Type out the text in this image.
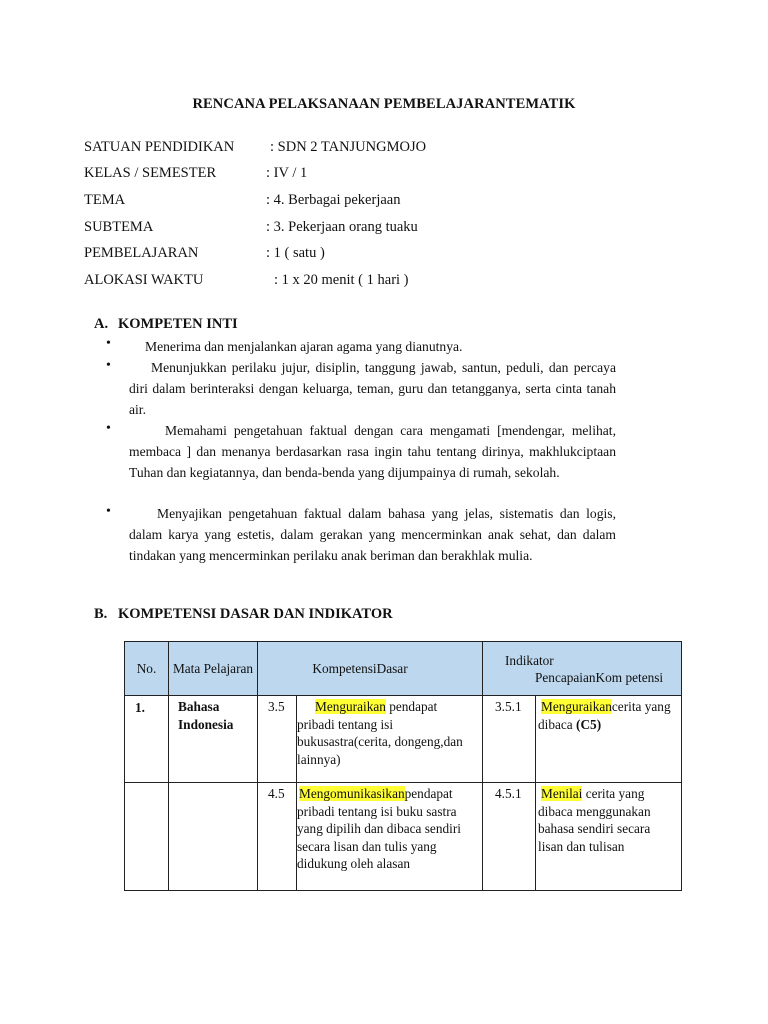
RENCANA PELAKSANAAN PEMBELAJARANTEMATIK
SATUAN PENDIDIKAN : SDN 2 TANJUNGMOJO
KELAS / SEMESTER	: IV / 1
TEMA	: 4. Berbagai pekerjaan
SUBTEMA	: 3. Pekerjaan orang tuaku
PEMBELAJARAN	: 1 ( satu )
ALOKASI WAKTU	: 1 x 20 menit ( 1 hari )
A. KOMPETEN INTI
•	Menerima dan menjalankan ajaran agama yang dianutnya.
•	Menunjukkan perilaku jujur, disiplin, tanggung jawab, santun, peduli, dan percaya diri dalam berinteraksi dengan keluarga, teman, guru dan tetangganya, serta cinta tanah air.
•	Memahami pengetahuan faktual dengan cara mengamati [mendengar, melihat, membaca ] dan menanya berdasarkan rasa ingin tahu tentang dirinya, makhlukciptaan Tuhan dan kegiatannya, dan benda-benda yang dijumpainya di rumah, sekolah.
•	Menyajikan pengetahuan faktual dalam bahasa yang jelas, sistematis dan logis, dalam karya yang estetis, dalam gerakan yang mencerminkan anak sehat, dan dalam tindakan yang mencerminkan perilaku anak beriman dan berakhlak mulia.
B. KOMPETENSI DASAR DAN INDIKATOR
No.	Mata Pelajaran	KompetensiDasar		Indikator
PencapaianKom petensi	

1.	Bahasa Indonesia	3.5	Menguraikan pendapat pribadi tentang isi bukusastra(cerita, dongeng,dan lainnya)	3.5.1	Menguraikancerita yang dibaca (C5)

		4.5	Mengomunikasikanpendapat pribadi tentang isi buku sastra yang dipilih dan dibaca sendiri secara lisan dan tulis yang didukung oleh alasan	4.5.1	Menilai cerita yang dibaca menggunakan bahasa sendiri secara lisan dan tulisan
